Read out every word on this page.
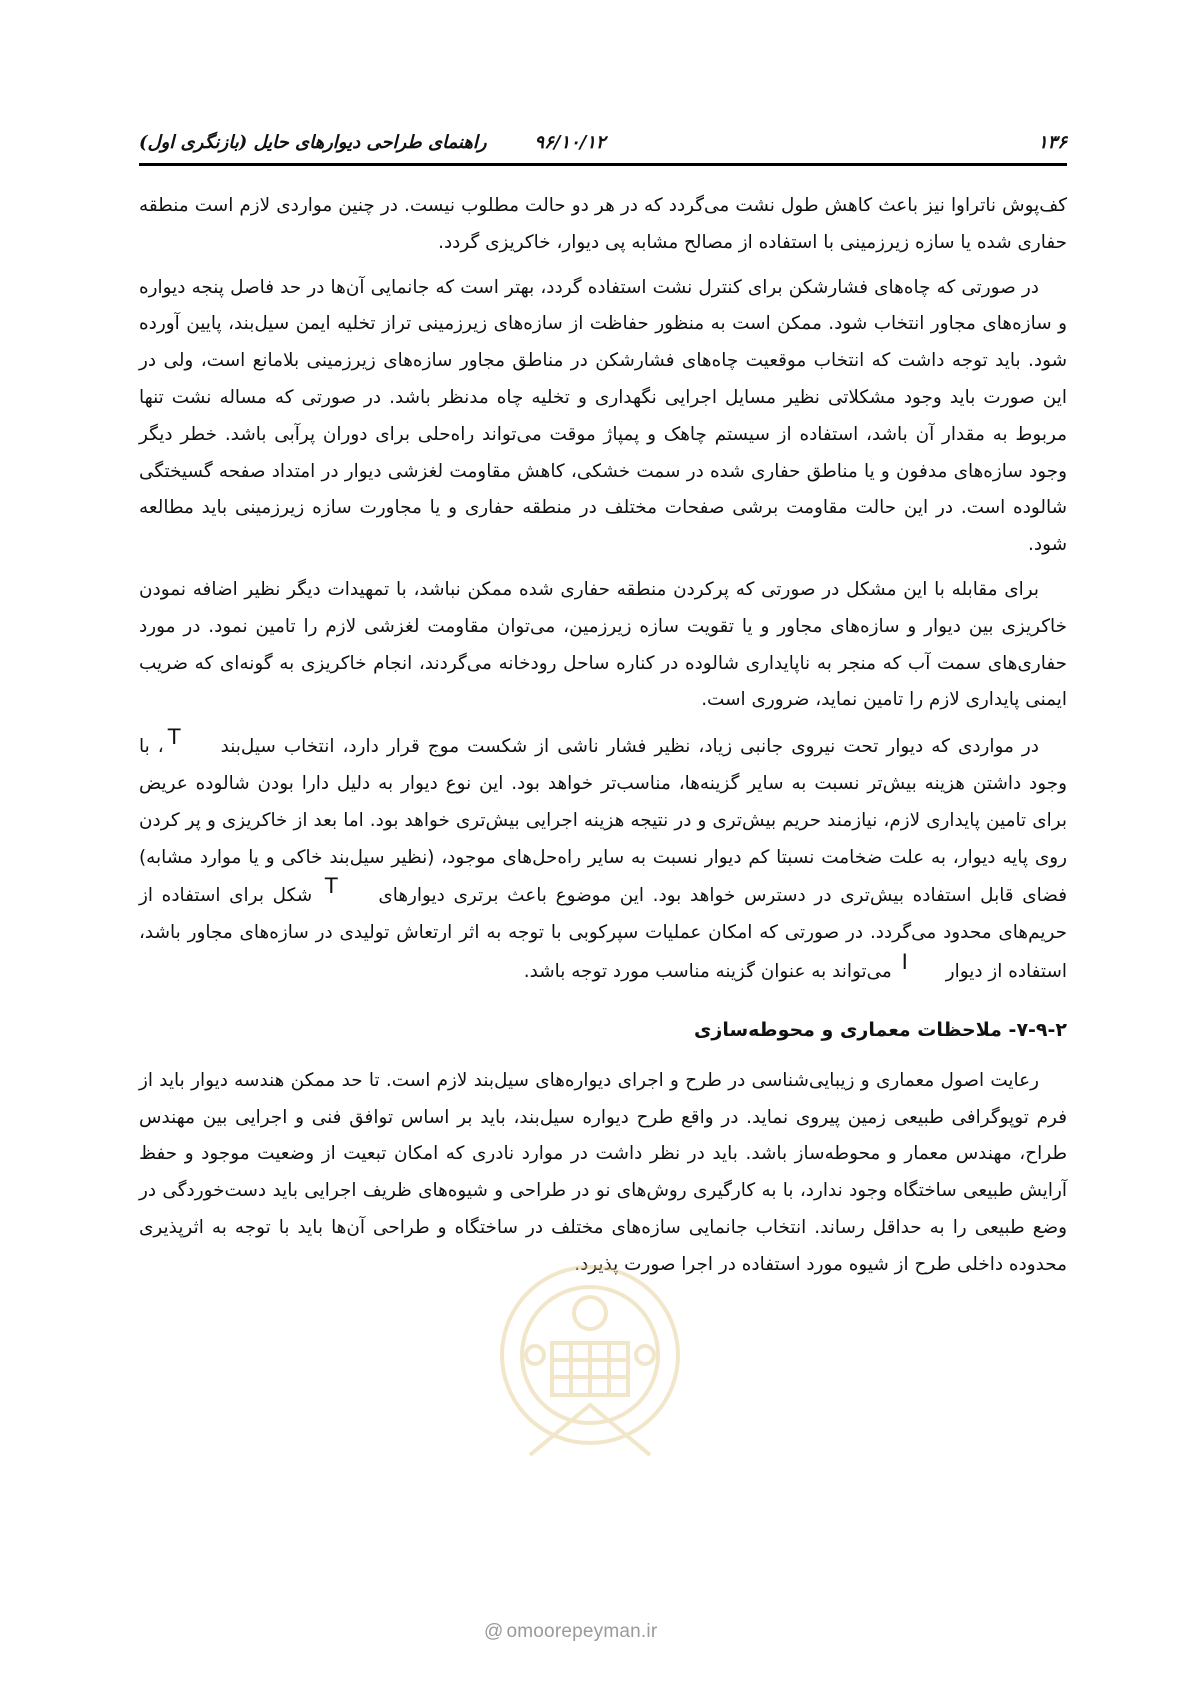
۱۳۶
۹۶/۱۰/۱۲
راهنمای طراحی دیوارهای حایل (بازنگری اول)

کف‌پوش ناتراوا نیز باعث کاهش طول نشت می‌گردد که در هر دو حالت مطلوب نیست. در چنین مواردی لازم است منطقه حفاری شده یا سازه زیرزمینی با استفاده از مصالح مشابه پی دیوار، خاکریزی گردد.

در صورتی که چاه‌های فشارشکن برای کنترل نشت استفاده گردد، بهتر است که جانمایی آن‌ها در حد فاصل پنجه دیواره و سازه‌های مجاور انتخاب شود. ممکن است به منظور حفاظت از سازه‌های زیرزمینی تراز تخلیه ایمن سیل‌بند، پایین آورده شود. باید توجه داشت که انتخاب موقعیت چاه‌های فشارشکن در مناطق مجاور سازه‌های زیرزمینی بلامانع است، ولی در این صورت باید وجود مشکلاتی نظیر مسایل اجرایی نگهداری و تخلیه چاه مدنظر باشد. در صورتی که مساله نشت تنها مربوط به مقدار آن باشد، استفاده از سیستم چاهک و پمپاژ موقت می‌تواند راه‌حلی برای دوران پرآبی باشد. خطر دیگر وجود سازه‌های مدفون و یا مناطق حفاری شده در سمت خشکی، کاهش مقاومت لغزشی دیوار در امتداد صفحه گسیختگی شالوده است. در این حالت مقاومت برشی صفحات مختلف در منطقه حفاری و یا مجاورت سازه زیرزمینی باید مطالعه شود.

برای مقابله با این مشکل در صورتی که پرکردن منطقه حفاری شده ممکن نباشد، با تمهیدات دیگر نظیر اضافه نمودن خاکریزی بین دیوار و سازه‌های مجاور و یا تقویت سازه زیرزمین، می‌توان مقاومت لغزشی لازم را تامین نمود. در مورد حفاری‌های سمت آب که منجر به ناپایداری شالوده در کناره ساحل رودخانه می‌گردند، انجام خاکریزی به گونه‌ای که ضریب ایمنی پایداری لازم را تامین نماید، ضروری است.

در مواردی که دیوار تحت نیروی جانبی زیاد، نظیر فشار ناشی از شکست موج قرار دارد، انتخاب سیل‌بند T، با وجود داشتن هزینه بیش‌تر نسبت به سایر گزینه‌ها، مناسب‌تر خواهد بود. این نوع دیوار به دلیل دارا بودن شالوده عریض برای تامین پایداری لازم، نیازمند حریم بیش‌تری و در نتیجه هزینه اجرایی بیش‌تری خواهد بود. اما بعد از خاکریزی و پر کردن روی پایه دیوار، به علت ضخامت نسبتا کم دیوار نسبت به سایر راه‌حل‌های موجود، (نظیر سیل‌بند خاکی و یا موارد مشابه) فضای قابل استفاده بیش‌تری در دسترس خواهد بود. این موضوع باعث برتری دیوارهای T شکل برای استفاده از حریم‌های محدود می‌گردد. در صورتی که امکان عملیات سپرکوبی با توجه به اثر ارتعاش تولیدی در سازه‌های مجاور باشد، استفاده از دیوار I می‌تواند به عنوان گزینه مناسب مورد توجه باشد.

۷-۹-۲- ملاحظات معماری و محوطه‌سازی

رعایت اصول معماری و زیبایی‌شناسی در طرح و اجرای دیواره‌های سیل‌بند لازم است. تا حد ممکن هندسه دیوار باید از فرم توپوگرافی طبیعی زمین پیروی نماید. در واقع طرح دیواره سیل‌بند، باید بر اساس توافق فنی و اجرایی بین مهندس طراح، مهندس معمار و محوطه‌ساز باشد. باید در نظر داشت در موارد نادری که امکان تبعیت از وضعیت موجود و حفظ آرایش طبیعی ساختگاه وجود ندارد، با به کارگیری روش‌های نو در طراحی و شیوه‌های ظریف اجرایی باید دست‌خوردگی در وضع طبیعی را به حداقل رساند. انتخاب جانمایی سازه‌های مختلف در ساختگاه و طراحی آن‌ها باید با توجه به اثرپذیری محدوده داخلی طرح از شیوه مورد استفاده در اجرا صورت پذیرد.

@ omoorepeyman.ir
